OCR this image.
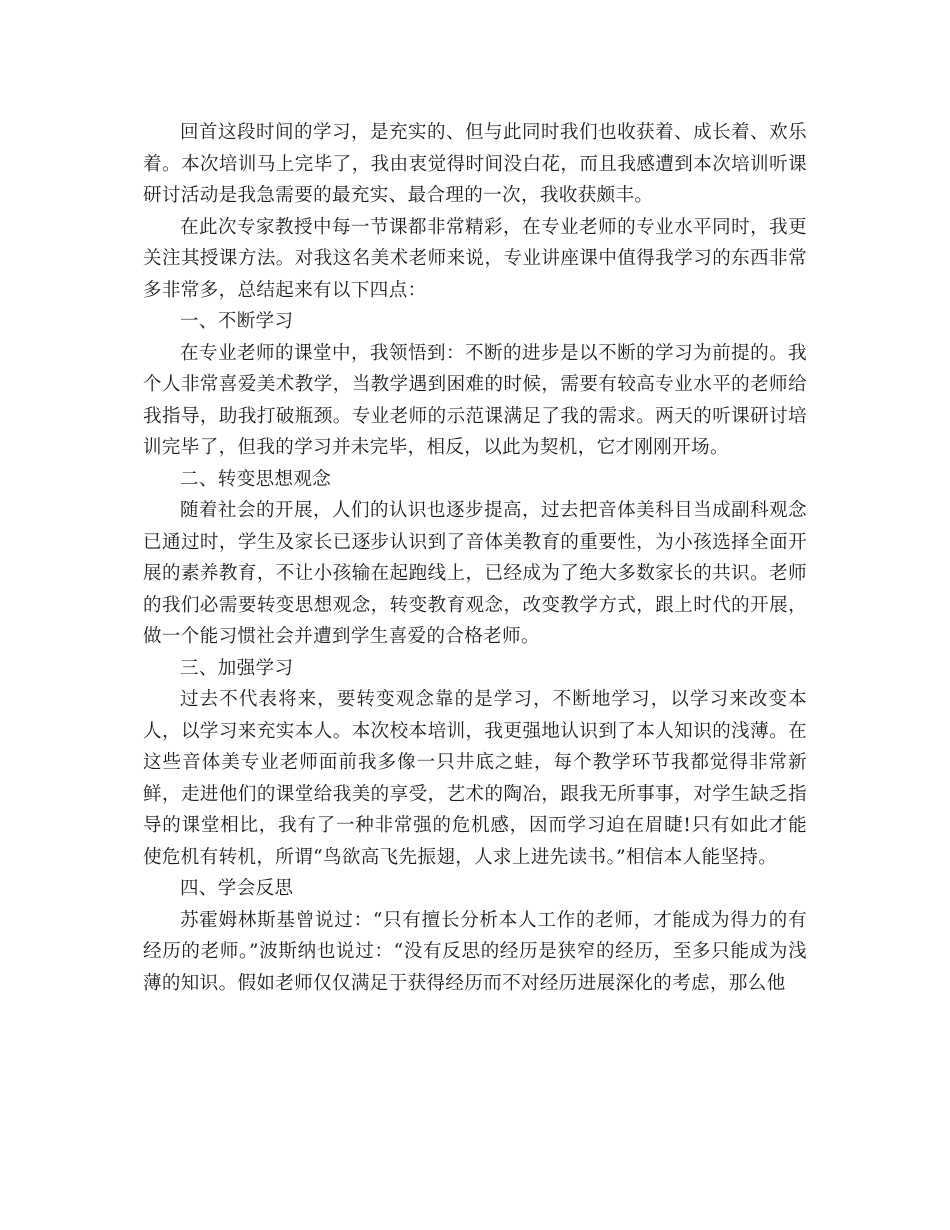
回首这段时间的学习，是充实的、但与此同时我们也收获着、成长着、欢乐着。本次培训马上完毕了，我由衷觉得时间没白花，而且我感遭到本次培训听课研讨活动是我急需要的最充实、最合理的一次，我收获颇丰。

在此次专家教授中每一节课都非常精彩，在专业老师的专业水平同时，我更关注其授课方法。对我这名美术老师来说，专业讲座课中值得我学习的东西非常多非常多，总结起来有以下四点：

一、不断学习

在专业老师的课堂中，我领悟到：不断的进步是以不断的学习为前提的。我个人非常喜爱美术教学，当教学遇到困难的时候，需要有较高专业水平的老师给我指导，助我打破瓶颈。专业老师的示范课满足了我的需求。两天的听课研讨培训完毕了，但我的学习并未完毕，相反，以此为契机，它才刚刚开场。

二、转变思想观念

随着社会的开展，人们的认识也逐步提高，过去把音体美科目当成副科观念已通过时，学生及家长已逐步认识到了音体美教育的重要性，为小孩选择全面开展的素养教育，不让小孩输在起跑线上，已经成为了绝大多数家长的共识。老师的我们必需要转变思想观念，转变教育观念，改变教学方式，跟上时代的开展，做一个能习惯社会并遭到学生喜爱的合格老师。

三、加强学习

过去不代表将来，要转变观念靠的是学习，不断地学习，以学习来改变本人，以学习来充实本人。本次校本培训，我更强地认识到了本人知识的浅薄。在这些音体美专业老师面前我多像一只井底之蛙，每个教学环节我都觉得非常新鲜，走进他们的课堂给我美的享受，艺术的陶冶，跟我无所事事，对学生缺乏指导的课堂相比，我有了一种非常强的危机感，因而学习迫在眉睫!只有如此才能使危机有转机，所谓“鸟欲高飞先振翅，人求上进先读书。”相信本人能坚持。

四、学会反思

苏霍姆林斯基曾说过：“只有擅长分析本人工作的老师，才能成为得力的有经历的老师。”波斯纳也说过：“没有反思的经历是狭窄的经历，至多只能成为浅薄的知识。假如老师仅仅满足于获得经历而不对经历进展深化的考虑，那么他
